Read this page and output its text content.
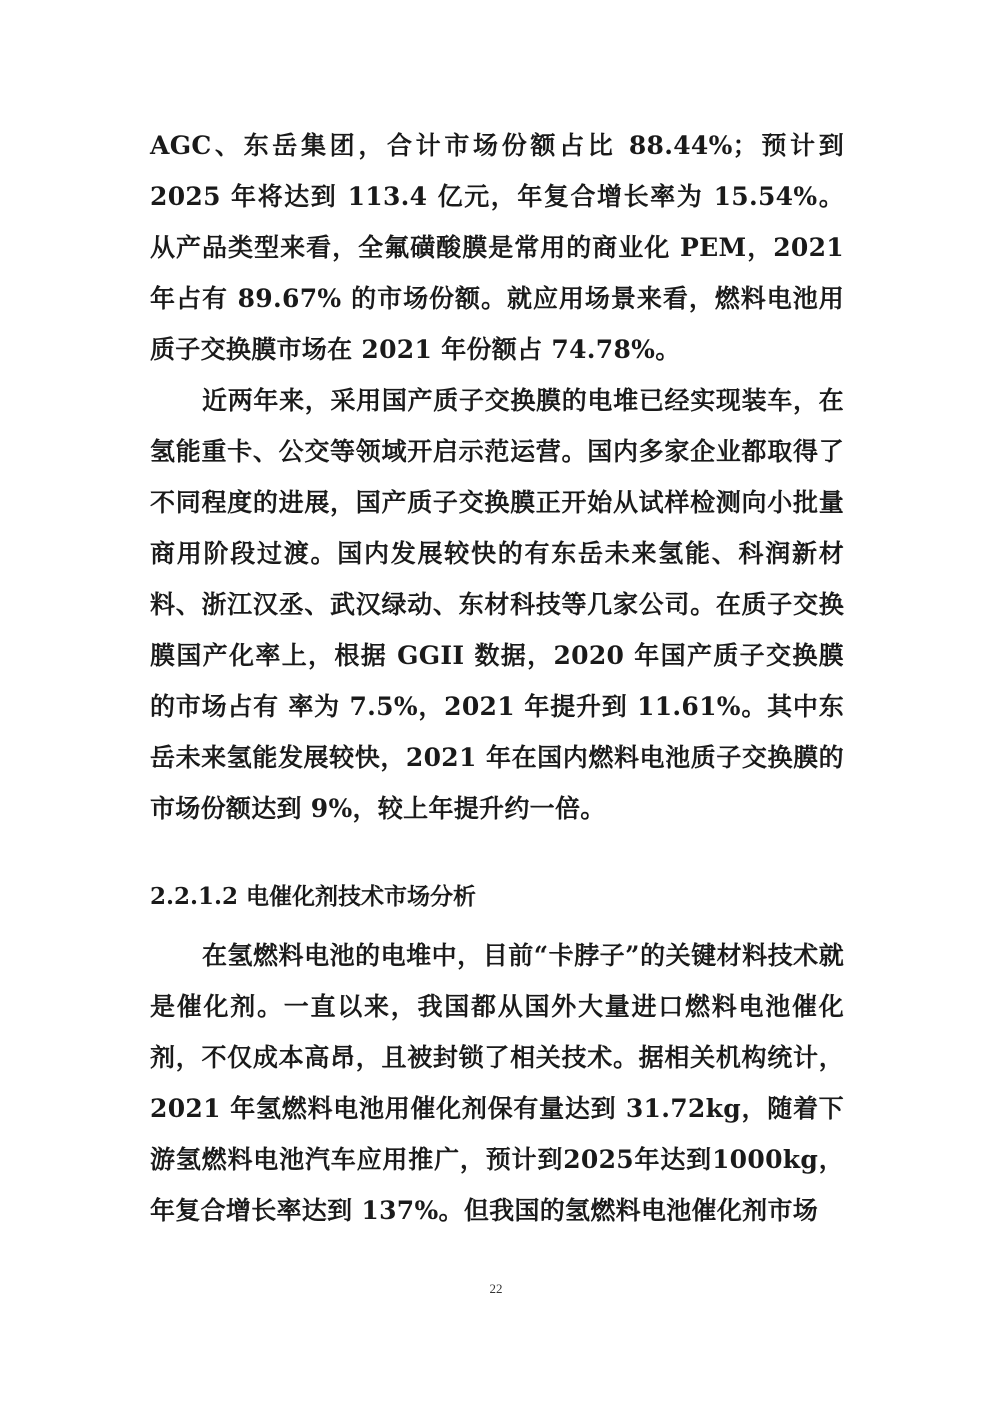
AGC、东岳集团，合计市场份额占比 88.44%；预计到 2025 年将达到 113.4 亿元，年复合增长率为 15.54%。从产品类型来看，全氟磺酸膜是常用的商业化 PEM，2021 年占有 89.67% 的市场份额。就应用场景来看，燃料电池用质子交换膜市场在 2021 年份额占 74.78%。

近两年来，采用国产质子交换膜的电堆已经实现装车，在氢能重卡、公交等领域开启示范运营。国内多家企业都取得了不同程度的进展，国产质子交换膜正开始从试样检测向小批量商用阶段过渡。国内发展较快的有东岳未来氢能、科润新材料、浙江汉丞、武汉绿动、东材科技等几家公司。在质子交换膜国产化率上，根据 GGII 数据，2020 年国产质子交换膜的市场占有 率为 7.5%，2021 年提升到 11.61%。其中东岳未来氢能发展较快，2021 年在国内燃料电池质子交换膜的市场份额达到 9%，较上年提升约一倍。

2.2.1.2 电催化剂技术市场分析

在氢燃料电池的电堆中，目前“卡脖子”的关键材料技术就是催化剂。一直以来，我国都从国外大量进口燃料电池催化剂，不仅成本高昂，且被封锁了相关技术。据相关机构统计，2021 年氢燃料电池用催化剂保有量达到 31.72kg，随着下游氢燃料电池汽车应用推广，预计到2025年达到1000kg，年复合增长率达到 137%。但我国的氢燃料电池催化剂市场

22
